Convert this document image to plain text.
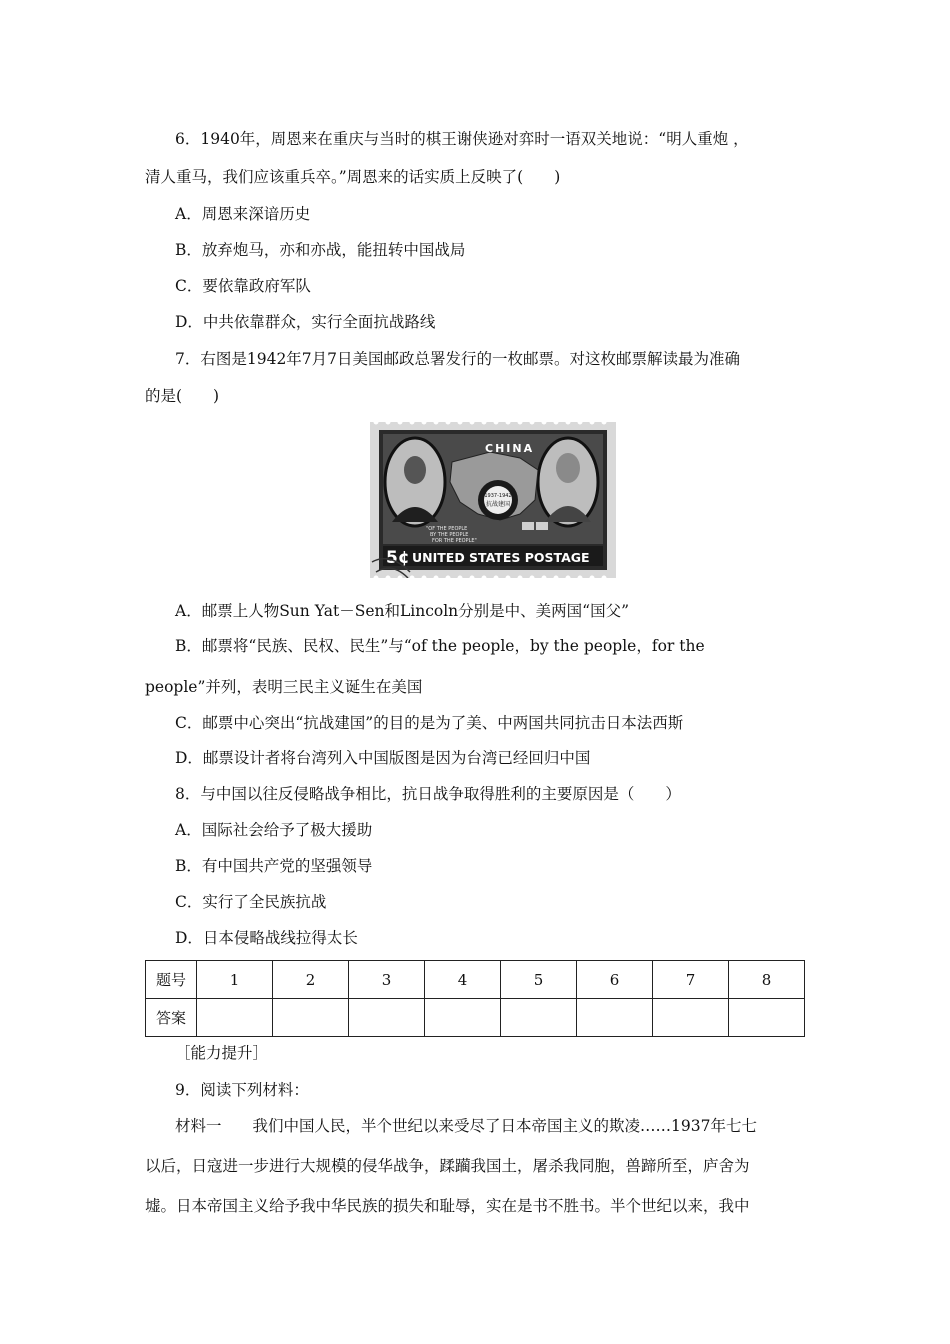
6．1940年，周恩来在重庆与当时的棋王谢侠逊对弈时一语双关地说：“明人重炮 ，
清人重马，我们应该重兵卒。”周恩来的话实质上反映了(　　)
A．周恩来深谙历史
B．放弃炮马，亦和亦战，能扭转中国战局
C．要依靠政府军队
D．中共依靠群众，实行全面抗战路线
7．右图是1942年7月7日美国邮政总署发行的一枚邮票。对这枚邮票解读最为准确
的是(　　)
1937-1942
抗战建国
CHINA
"OF THE PEOPLE
BY THE PEOPLE
FOR THE PEOPLE"
5¢ UNITED STATES POSTAGE
A．邮票上人物Sun Yat－Sen和Lincoln分别是中、美两国“国父”
B．邮票将“民族、民权、民生”与“of the people，by the people，for the
people”并列，表明三民主义诞生在美国
C．邮票中心突出“抗战建国”的目的是为了美、中两国共同抗击日本法西斯
D．邮票设计者将台湾列入中国版图是因为台湾已经回归中国
8．与中国以往反侵略战争相比，抗日战争取得胜利的主要原因是（　　）
A．国际社会给予了极大援助
B．有中国共产党的坚强领导
C．实行了全民族抗战
D．日本侵略战线拉得太长
题号	1	2	3	4	5	6	7	8
答案								
［能力提升］
9．阅读下列材料：
材料一　　我们中国人民，半个世纪以来受尽了日本帝国主义的欺凌……1937年七七
以后，日寇进一步进行大规模的侵华战争，蹂躏我国土，屠杀我同胞，兽蹄所至，庐舍为
墟。日本帝国主义给予我中华民族的损失和耻辱，实在是书不胜书。半个世纪以来，我中
